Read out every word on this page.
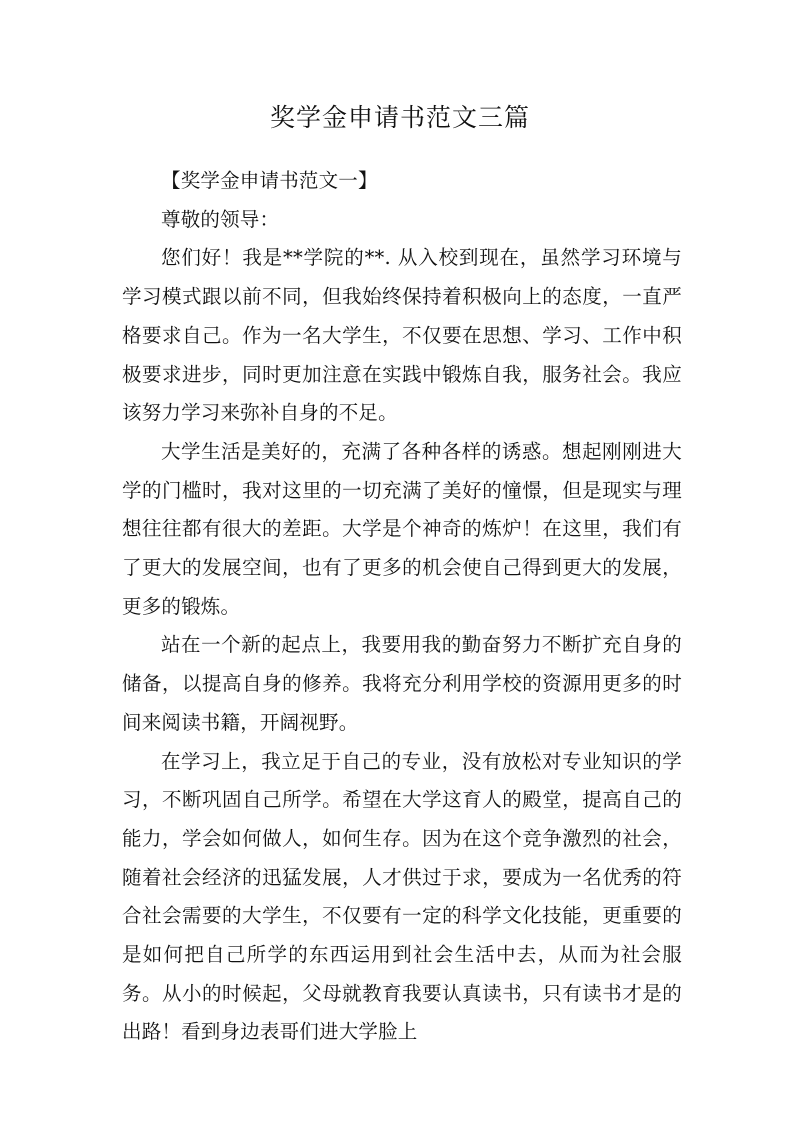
奖学金申请书范文三篇

【奖学金申请书范文一】

尊敬的领导：

您们好！我是**学院的**. 从入校到现在，虽然学习环境与学习模式跟以前不同，但我始终保持着积极向上的态度，一直严格要求自己。作为一名大学生，不仅要在思想、学习、工作中积极要求进步，同时更加注意在实践中锻炼自我，服务社会。我应该努力学习来弥补自身的不足。

大学生活是美好的，充满了各种各样的诱惑。想起刚刚进大学的门槛时，我对这里的一切充满了美好的憧憬，但是现实与理想往往都有很大的差距。大学是个神奇的炼炉！在这里，我们有了更大的发展空间，也有了更多的机会使自己得到更大的发展，更多的锻炼。

站在一个新的起点上，我要用我的勤奋努力不断扩充自身的储备，以提高自身的修养。我将充分利用学校的资源用更多的时间来阅读书籍，开阔视野。

在学习上，我立足于自己的专业，没有放松对专业知识的学习，不断巩固自己所学。希望在大学这育人的殿堂，提高自己的能力，学会如何做人，如何生存。因为在这个竞争激烈的社会，随着社会经济的迅猛发展，人才供过于求，要成为一名优秀的符合社会需要的大学生，不仅要有一定的科学文化技能，更重要的是如何把自己所学的东西运用到社会生活中去，从而为社会服务。从小的时候起，父母就教育我要认真读书，只有读书才是的出路！看到身边表哥们进大学脸上
